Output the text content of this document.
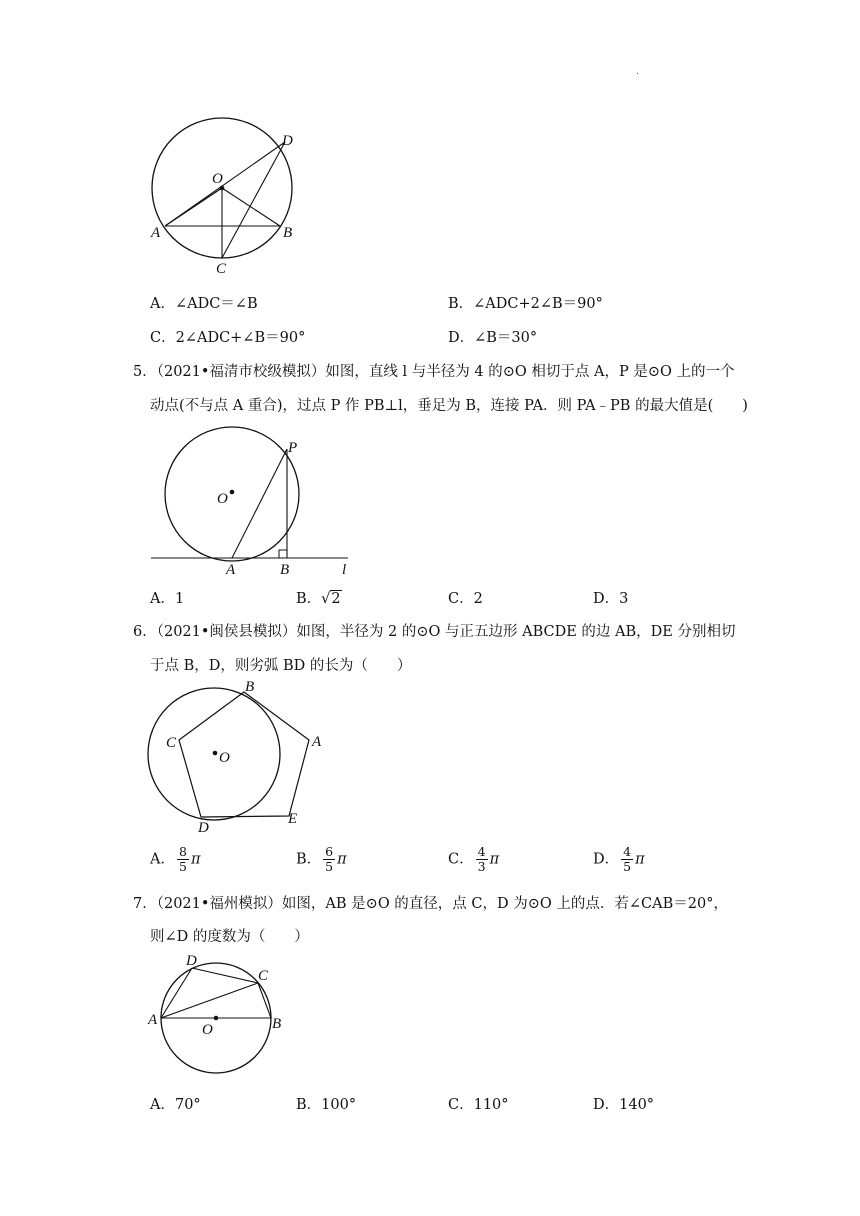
.
O
D
A	B
C
A．∠ADC＝∠B	B．∠ADC+2∠B＝90°
C．2∠ADC+∠B＝90°	D．∠B＝30°
5．（2021•福清市校级模拟）如图，直线 l 与半径为 4 的⊙O 相切于点 A，P 是⊙O 上的一个
动点(不与点 A 重合)，过点 P 作 PB⊥l，垂足为 B，连接 PA．则 PA﹣PB 的最大值是(　　)
O
P
A	B	l
A．1	B．√2	C．2	D．3
6．（2021•闽侯县模拟）如图，半径为 2 的⊙O 与正五边形 ABCDE 的边 AB，DE 分别相切
于点 B，D，则劣弧 BD 的长为（　　）
O
B
C	A
D
E
A． $\frac{8}{5}$ π	B． $\frac{6}{5}$ π	C． $\frac{4}{3}$ π	D． $\frac{4}{5}$ π
7．（2021•福州模拟）如图，AB 是⊙O 的直径，点 C，D 为⊙O 上的点．若∠CAB＝20°，
则∠D 的度数为（　　）
D
C
A
O	B
A．70°	B．100°	C．110°	D．140°
